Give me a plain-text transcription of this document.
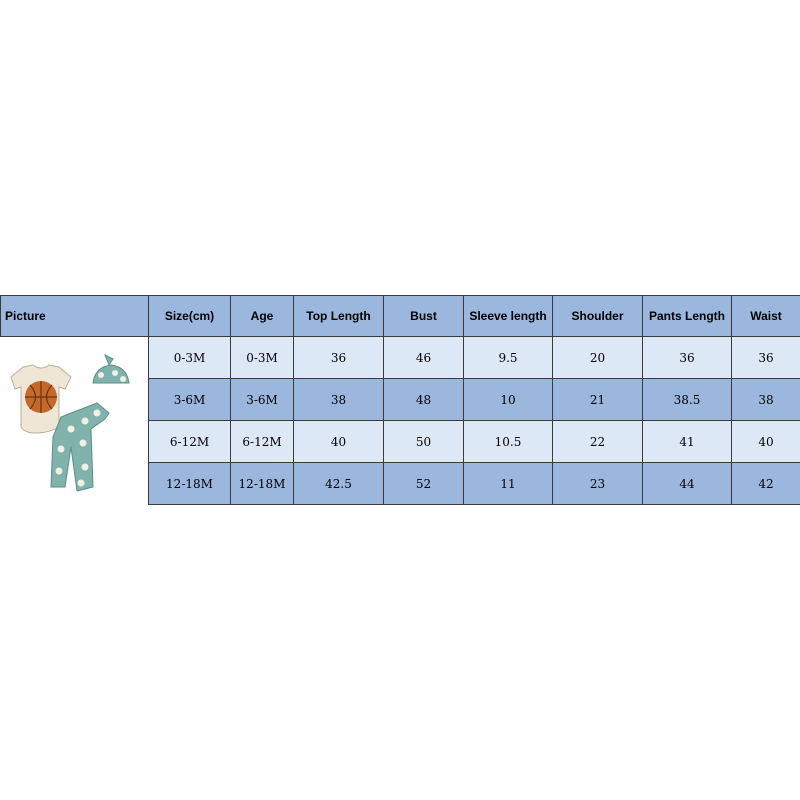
Picture	Size(cm)	Age	Top Length	Bust	Sleeve length	Shoulder	Pants Length	Waist

	0-3M	0-3M	36	46	9.5	20	36	36
	3-6M	3-6M	38	48	10	21	38.5	38
	6-12M	6-12M	40	50	10.5	22	41	40
	12-18M	12-18M	42.5	52	11	23	44	42
